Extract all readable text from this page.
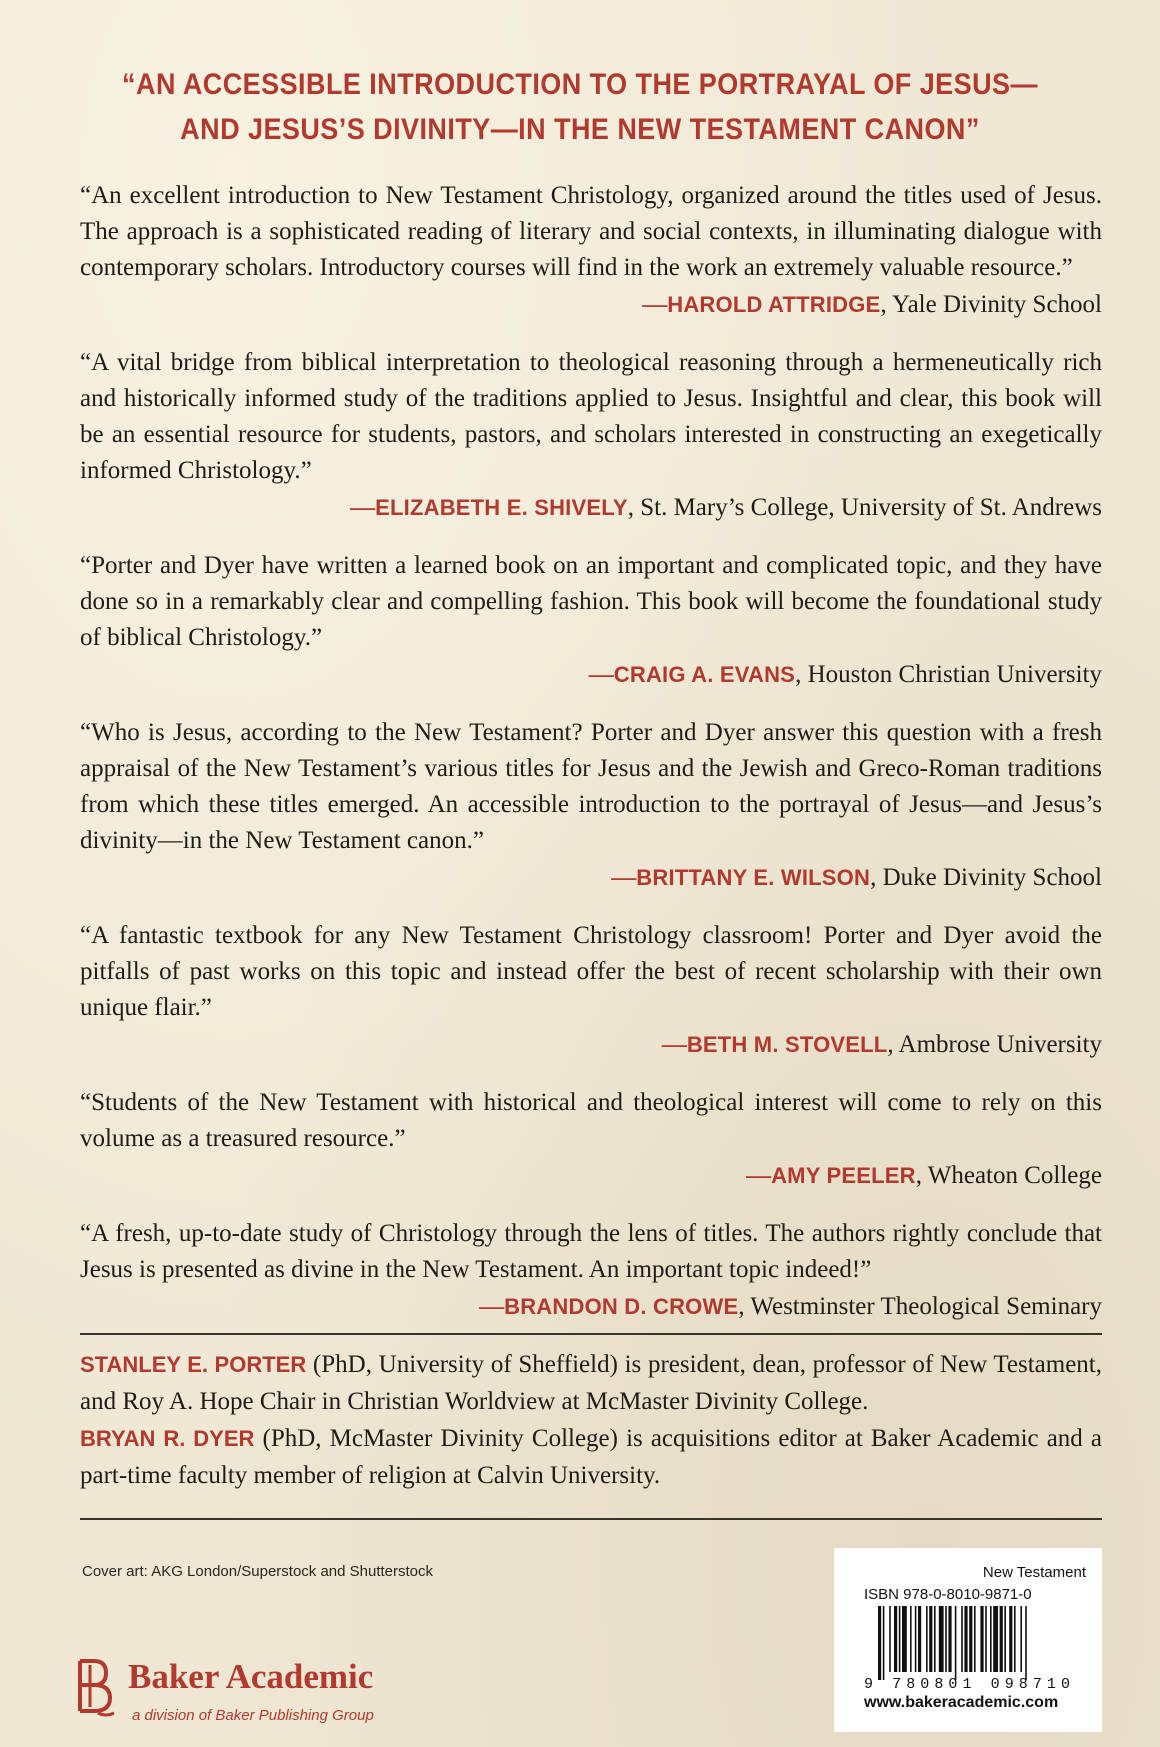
“AN ACCESSIBLE INTRODUCTION TO THE PORTRAYAL OF JESUS—
AND JESUS’S DIVINITY—IN THE NEW TESTAMENT CANON”
“An excellent introduction to New Testament Christology, organized around the titles used of Jesus. The approach is a sophisticated reading of literary and social contexts, in illuminating dialogue with contemporary scholars. Introductory courses will find in the work an extremely valuable resource.”
—HAROLD ATTRIDGE, Yale Divinity School
“A vital bridge from biblical interpretation to theological reasoning through a hermeneutically rich and historically informed study of the traditions applied to Jesus. Insightful and clear, this book will be an essential resource for students, pastors, and scholars interested in constructing an exegetically informed Christology.”
—ELIZABETH E. SHIVELY, St. Mary’s College, University of St. Andrews
“Porter and Dyer have written a learned book on an important and complicated topic, and they have done so in a remarkably clear and compelling fashion. This book will become the foundational study of biblical Christology.”
—CRAIG A. EVANS, Houston Christian University
“Who is Jesus, according to the New Testament? Porter and Dyer answer this question with a fresh appraisal of the New Testament’s various titles for Jesus and the Jewish and Greco-Roman traditions from which these titles emerged. An accessible introduction to the portrayal of Jesus—and Jesus’s divinity—in the New Testament canon.”
—BRITTANY E. WILSON, Duke Divinity School
“A fantastic textbook for any New Testament Christology classroom! Porter and Dyer avoid the pitfalls of past works on this topic and instead offer the best of recent scholarship with their own unique flair.”
—BETH M. STOVELL, Ambrose University
“Students of the New Testament with historical and theological interest will come to rely on this volume as a treasured resource.”
—AMY PEELER, Wheaton College
“A fresh, up-to-date study of Christology through the lens of titles. The authors rightly conclude that Jesus is presented as divine in the New Testament. An important topic indeed!”
—BRANDON D. CROWE, Westminster Theological Seminary
STANLEY E. PORTER (PhD, University of Sheffield) is president, dean, professor of New Testament, and Roy A. Hope Chair in Christian Worldview at McMaster Divinity College.
BRYAN R. DYER (PhD, McMaster Divinity College) is acquisitions editor at Baker Academic and a part-time faculty member of religion at Calvin University.
Cover art: AKG London/Superstock and Shutterstock
Baker Academic
a division of Baker Publishing Group
New Testament
ISBN 978-0-8010-9871-0
9 780801 098710
www.bakeracademic.com
